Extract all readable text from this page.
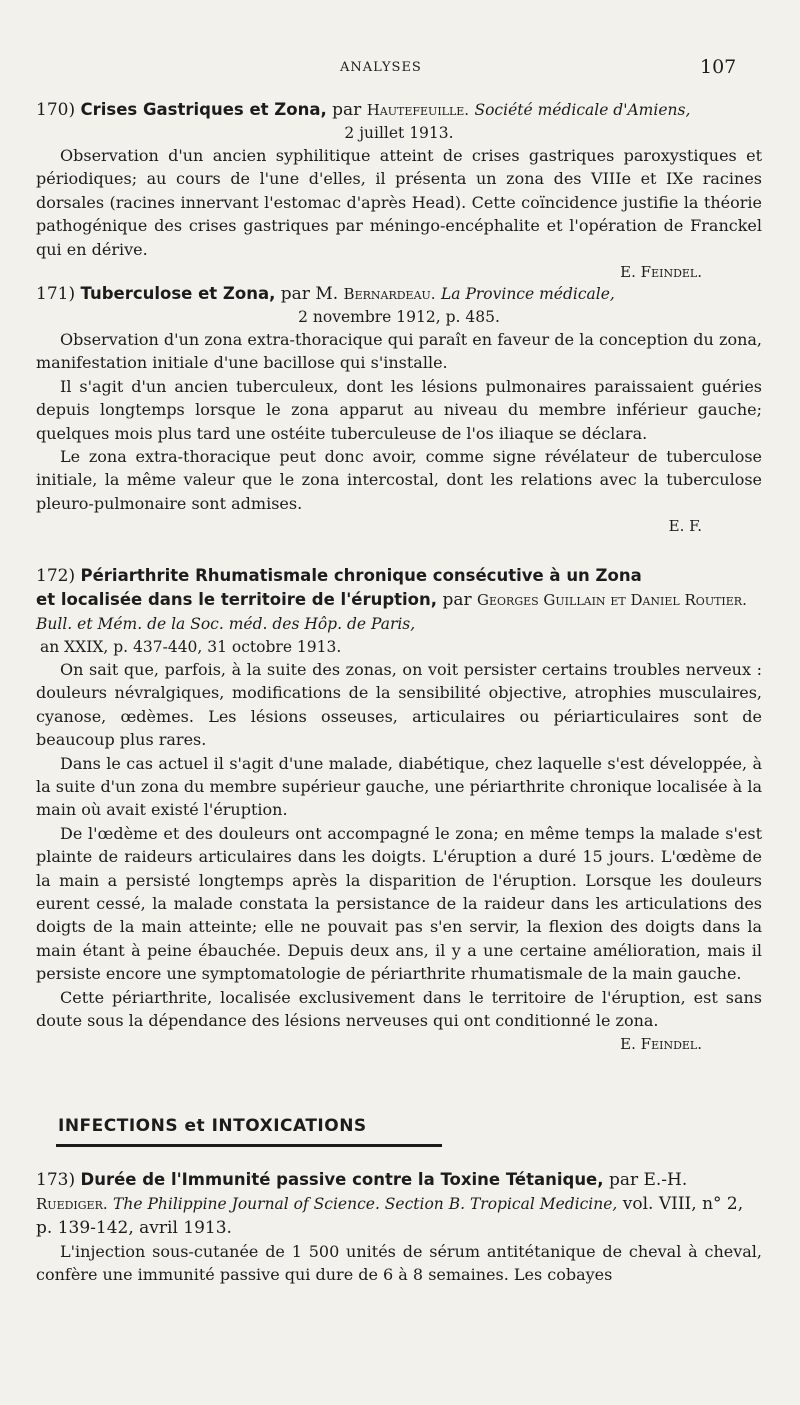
ANALYSES	107

170) Crises Gastriques et Zona, par Hautefeuille. Société médicale d'Amiens,

2 juillet 1913.

Observation d'un ancien syphilitique atteint de crises gastriques paroxystiques et périodiques; au cours de l'une d'elles, il présenta un zona des VIIIe et IXe racines dorsales (racines innervant l'estomac d'après Head). Cette coïncidence justifie la théorie pathogénique des crises gastriques par méningo-encéphalite et l'opération de Franckel qui en dérive.

E. Feindel.

171) Tuberculose et Zona, par M. Bernardeau. La Province médicale,

2 novembre 1912, p. 485.

Observation d'un zona extra-thoracique qui paraît en faveur de la conception du zona, manifestation initiale d'une bacillose qui s'installe.

Il s'agit d'un ancien tuberculeux, dont les lésions pulmonaires paraissaient guéries depuis longtemps lorsque le zona apparut au niveau du membre inférieur gauche; quelques mois plus tard une ostéite tuberculeuse de l'os iliaque se déclara.

Le zona extra-thoracique peut donc avoir, comme signe révélateur de tuberculose initiale, la même valeur que le zona intercostal, dont les relations avec la tuberculose pleuro-pulmonaire sont admises.

E. F.

172) Périarthrite Rhumatismale chronique consécutive à un Zona

et localisée dans le territoire de l'éruption, par Georges Guillain et Daniel Routier. Bull. et Mém. de la Soc. méd. des Hôp. de Paris,

an XXIX, p. 437-440, 31 octobre 1913.

On sait que, parfois, à la suite des zonas, on voit persister certains troubles nerveux : douleurs névralgiques, modifications de la sensibilité objective, atrophies musculaires, cyanose, œdèmes. Les lésions osseuses, articulaires ou périarticulaires sont de beaucoup plus rares.

Dans le cas actuel il s'agit d'une malade, diabétique, chez laquelle s'est développée, à la suite d'un zona du membre supérieur gauche, une périarthrite chronique localisée à la main où avait existé l'éruption.

De l'œdème et des douleurs ont accompagné le zona; en même temps la malade s'est plainte de raideurs articulaires dans les doigts. L'éruption a duré 15 jours. L'œdème de la main a persisté longtemps après la disparition de l'éruption. Lorsque les douleurs eurent cessé, la malade constata la persistance de la raideur dans les articulations des doigts de la main atteinte; elle ne pouvait pas s'en servir, la flexion des doigts dans la main étant à peine ébauchée. Depuis deux ans, il y a une certaine amélioration, mais il persiste encore une symptomatologie de périarthrite rhumatismale de la main gauche.

Cette périarthrite, localisée exclusivement dans le territoire de l'éruption, est sans doute sous la dépendance des lésions nerveuses qui ont conditionné le zona.

E. Feindel.

INFECTIONS et INTOXICATIONS

173) Durée de l'Immunité passive contre la Toxine Tétanique, par E.-H. Ruediger. The Philippine Journal of Science. Section B. Tropical Medicine, vol. VIII, n° 2, p. 139-142, avril 1913.

L'injection sous-cutanée de 1 500 unités de sérum antitétanique de cheval à cheval, confère une immunité passive qui dure de 6 à 8 semaines. Les cobayes
